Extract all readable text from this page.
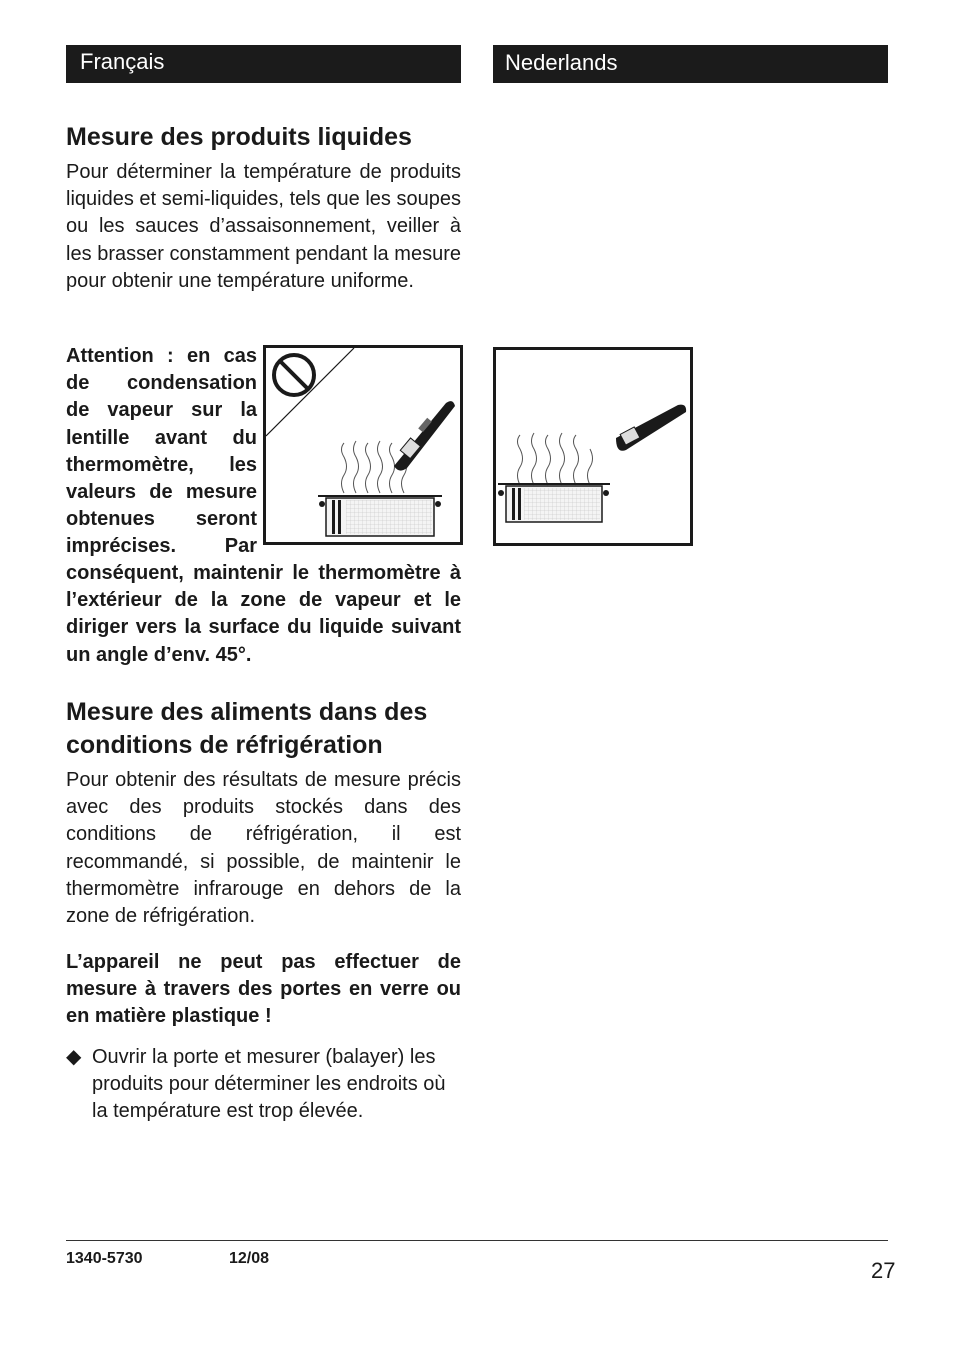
Français	Nederlands
Mesure des produits liquides

Pour déterminer la température de produits liquides et semi-liquides, tels que les soupes ou les sauces d’assaisonnement, veiller à les brasser constamment pendant la mesure pour obtenir une température uniforme.

Attention : en cas
de condensation
de vapeur sur la
lentille avant du
thermomètre, les
valeurs de mesure
obtenues seront
imprécises. Par

conséquent, maintenir le thermomètre à l’extérieur de la zone de vapeur et le diriger vers la surface du liquide suivant un angle d’env. 45°.

Mesure des aliments dans des conditions de réfrigération

Pour obtenir des résultats de mesure précis avec des produits stockés dans des conditions de réfrigération, il est recommandé, si possible, de maintenir le thermomètre infrarouge en dehors de la zone de réfrigération.

L’appareil ne peut pas effectuer de mesure à travers des portes en verre ou en matière plastique !

◆ Ouvrir la porte et mesurer (balayer) les produits pour déterminer les endroits où la température est trop élevée.
1340-5730	12/08	27
